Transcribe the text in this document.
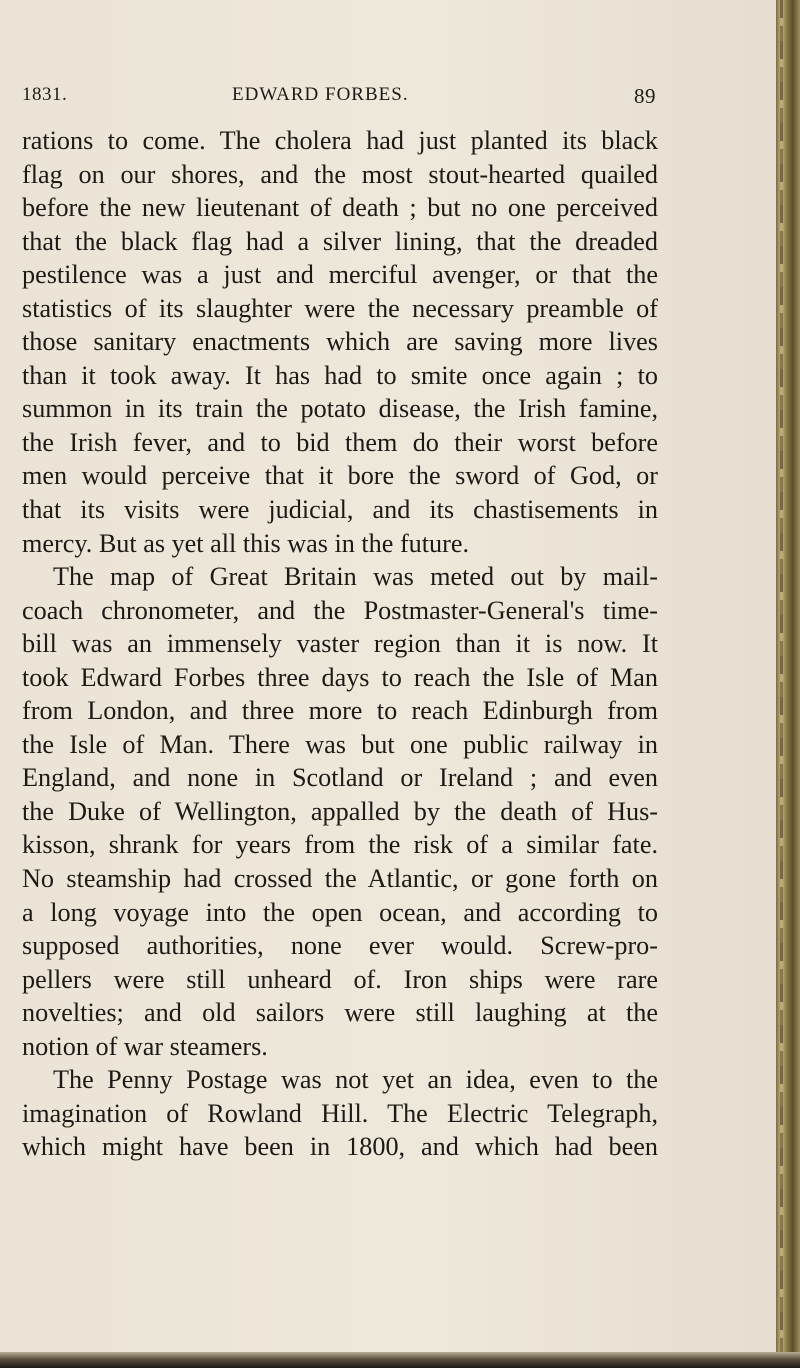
1831.	EDWARD FORBES.	89
rations to come. The cholera had just planted its black
flag on our shores, and the most stout-hearted quailed
before the new lieutenant of death ; but no one perceived
that the black flag had a silver lining, that the dreaded
pestilence was a just and merciful avenger, or that the
statistics of its slaughter were the necessary preamble of
those sanitary enactments which are saving more lives
than it took away. It has had to smite once again ; to
summon in its train the potato disease, the Irish famine,
the Irish fever, and to bid them do their worst before
men would perceive that it bore the sword of God, or
that its visits were judicial, and its chastisements in
mercy. But as yet all this was in the future.
The map of Great Britain was meted out by mail-
coach chronometer, and the Postmaster-General's time-
bill was an immensely vaster region than it is now. It
took Edward Forbes three days to reach the Isle of Man
from London, and three more to reach Edinburgh from
the Isle of Man. There was but one public railway in
England, and none in Scotland or Ireland ; and even
the Duke of Wellington, appalled by the death of Hus-
kisson, shrank for years from the risk of a similar fate.
No steamship had crossed the Atlantic, or gone forth on
a long voyage into the open ocean, and according to
supposed authorities, none ever would. Screw-pro-
pellers were still unheard of. Iron ships were rare
novelties; and old sailors were still laughing at the
notion of war steamers.
The Penny Postage was not yet an idea, even to the
imagination of Rowland Hill. The Electric Telegraph,
which might have been in 1800, and which had been
